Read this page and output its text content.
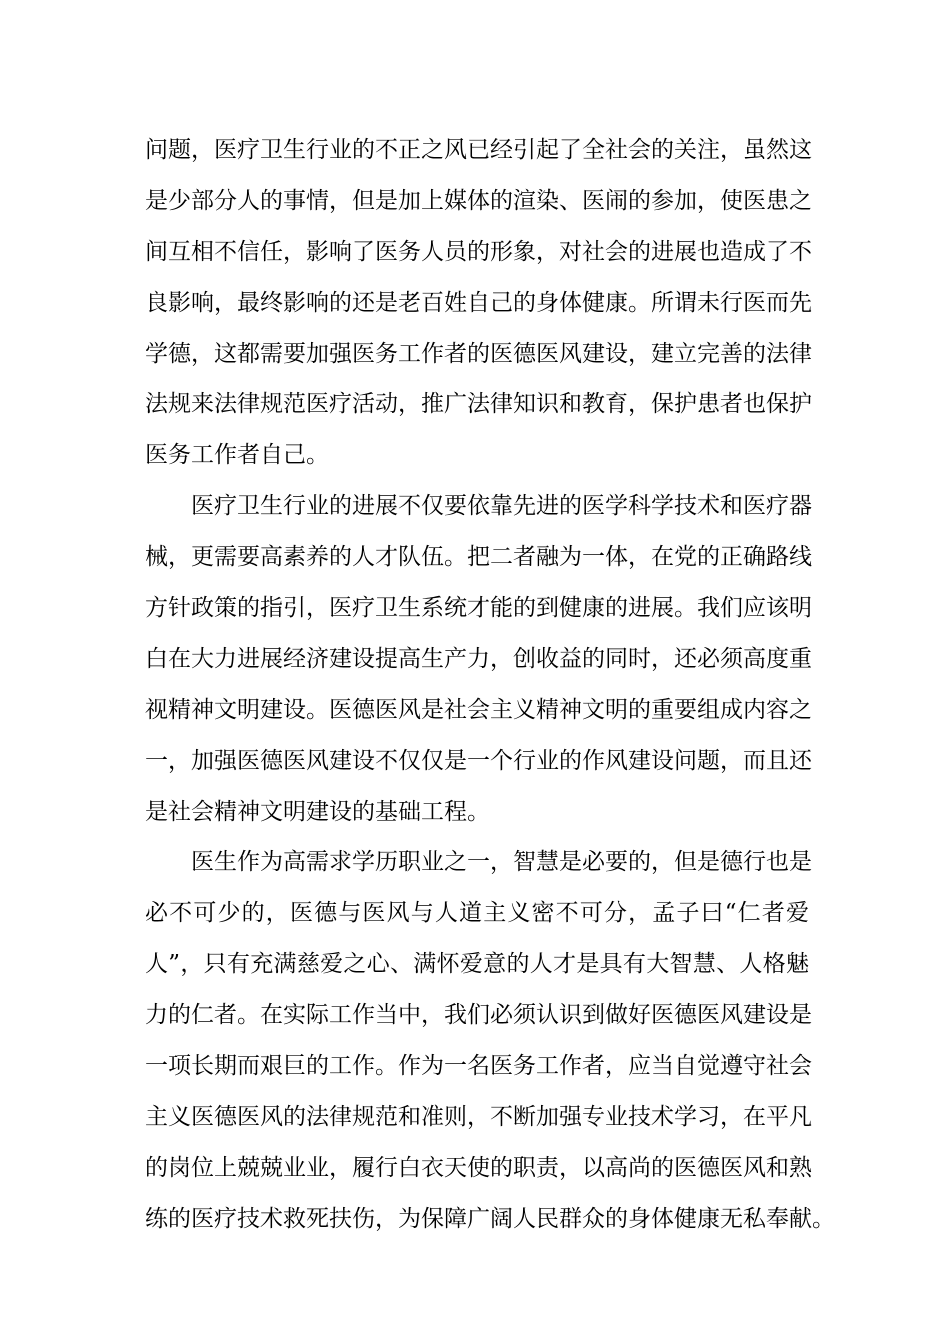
问题，医疗卫生行业的不正之风已经引起了全社会的关注，虽然这
是少部分人的事情，但是加上媒体的渲染、医闹的参加，使医患之
间互相不信任，影响了医务人员的形象，对社会的进展也造成了不
良影响，最终影响的还是老百姓自己的身体健康。所谓未行医而先
学德，这都需要加强医务工作者的医德医风建设，建立完善的法律
法规来法律规范医疗活动，推广法律知识和教育，保护患者也保护
医务工作者自己。
医疗卫生行业的进展不仅要依靠先进的医学科学技术和医疗器
械，更需要高素养的人才队伍。把二者融为一体，在党的正确路线
方针政策的指引，医疗卫生系统才能的到健康的进展。我们应该明
白在大力进展经济建设提高生产力，创收益的同时，还必须高度重
视精神文明建设。医德医风是社会主义精神文明的重要组成内容之
一，加强医德医风建设不仅仅是一个行业的作风建设问题，而且还
是社会精神文明建设的基础工程。
医生作为高需求学历职业之一，智慧是必要的，但是德行也是
必不可少的，医德与医风与人道主义密不可分，孟子曰“仁者爱
人”，只有充满慈爱之心、满怀爱意的人才是具有大智慧、人格魅
力的仁者。在实际工作当中，我们必须认识到做好医德医风建设是
一项长期而艰巨的工作。作为一名医务工作者，应当自觉遵守社会
主义医德医风的法律规范和准则，不断加强专业技术学习，在平凡
的岗位上兢兢业业，履行白衣天使的职责，以高尚的医德医风和熟
练的医疗技术救死扶伤，为保障广阔人民群众的身体健康无私奉献。
